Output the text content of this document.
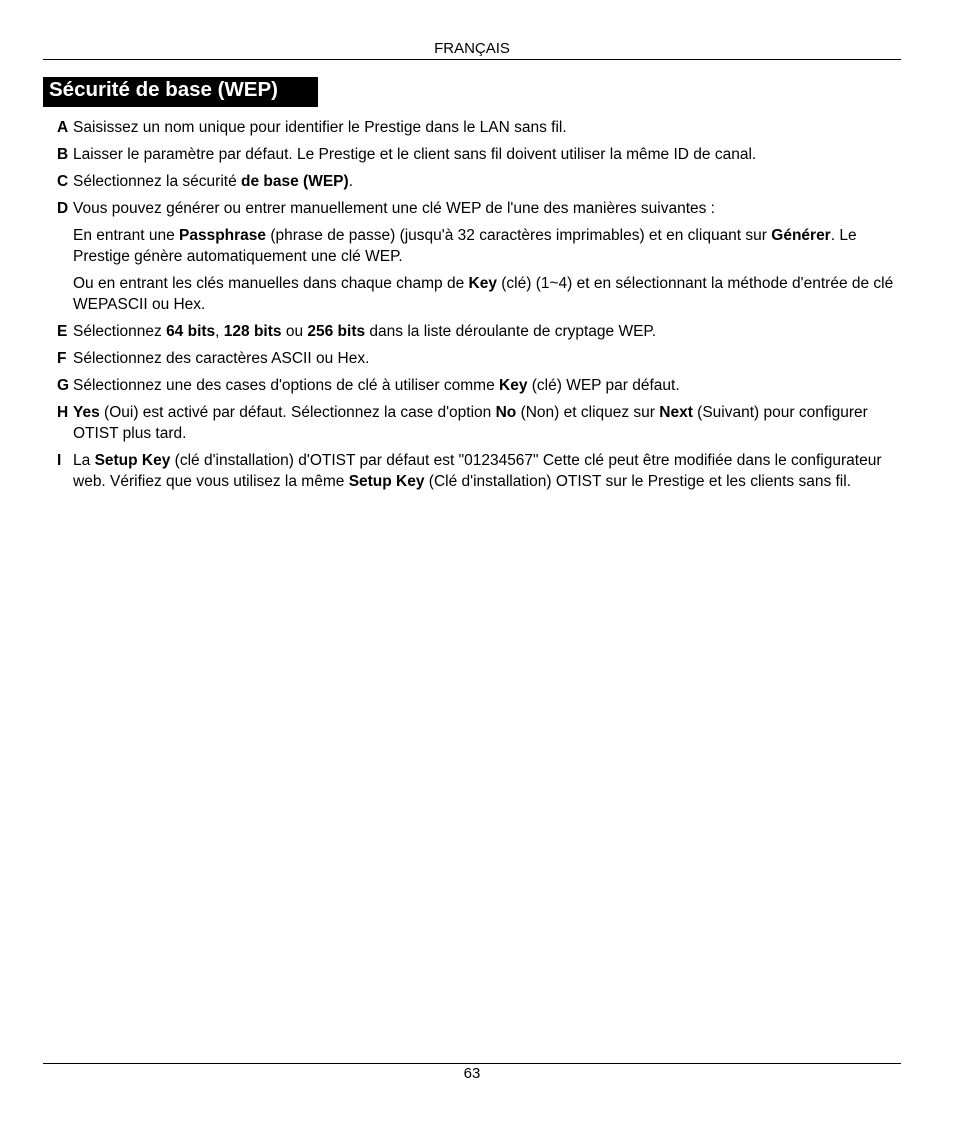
FRANÇAIS
Sécurité de base (WEP)
A Saisissez un nom unique pour identifier le Prestige dans le LAN sans fil.
B Laisser le paramètre par défaut. Le Prestige et le client sans fil doivent utiliser la même ID de canal.
C Sélectionnez la sécurité de base (WEP).
D Vous pouvez générer ou entrer manuellement une clé WEP de l'une des manières suivantes :
En entrant une Passphrase (phrase de passe) (jusqu'à 32 caractères imprimables) et en cliquant sur Générer. Le Prestige génère automatiquement une clé WEP.
Ou en entrant les clés manuelles dans chaque champ de Key (clé) (1~4) et en sélectionnant la méthode d'entrée de clé WEPASCII ou Hex.
E Sélectionnez 64 bits, 128 bits ou 256 bits dans la liste déroulante de cryptage WEP.
F Sélectionnez des caractères ASCII ou Hex.
G Sélectionnez une des cases d'options de clé à utiliser comme Key (clé) WEP par défaut.
H Yes (Oui) est activé par défaut. Sélectionnez la case d'option No (Non) et cliquez sur Next (Suivant) pour configurer OTIST plus tard.
I La Setup Key (clé d'installation) d'OTIST par défaut est "01234567" Cette clé peut être modifiée dans le configurateur web. Vérifiez que vous utilisez la même Setup Key (Clé d'installation) OTIST sur le Prestige et les clients sans fil.
63
